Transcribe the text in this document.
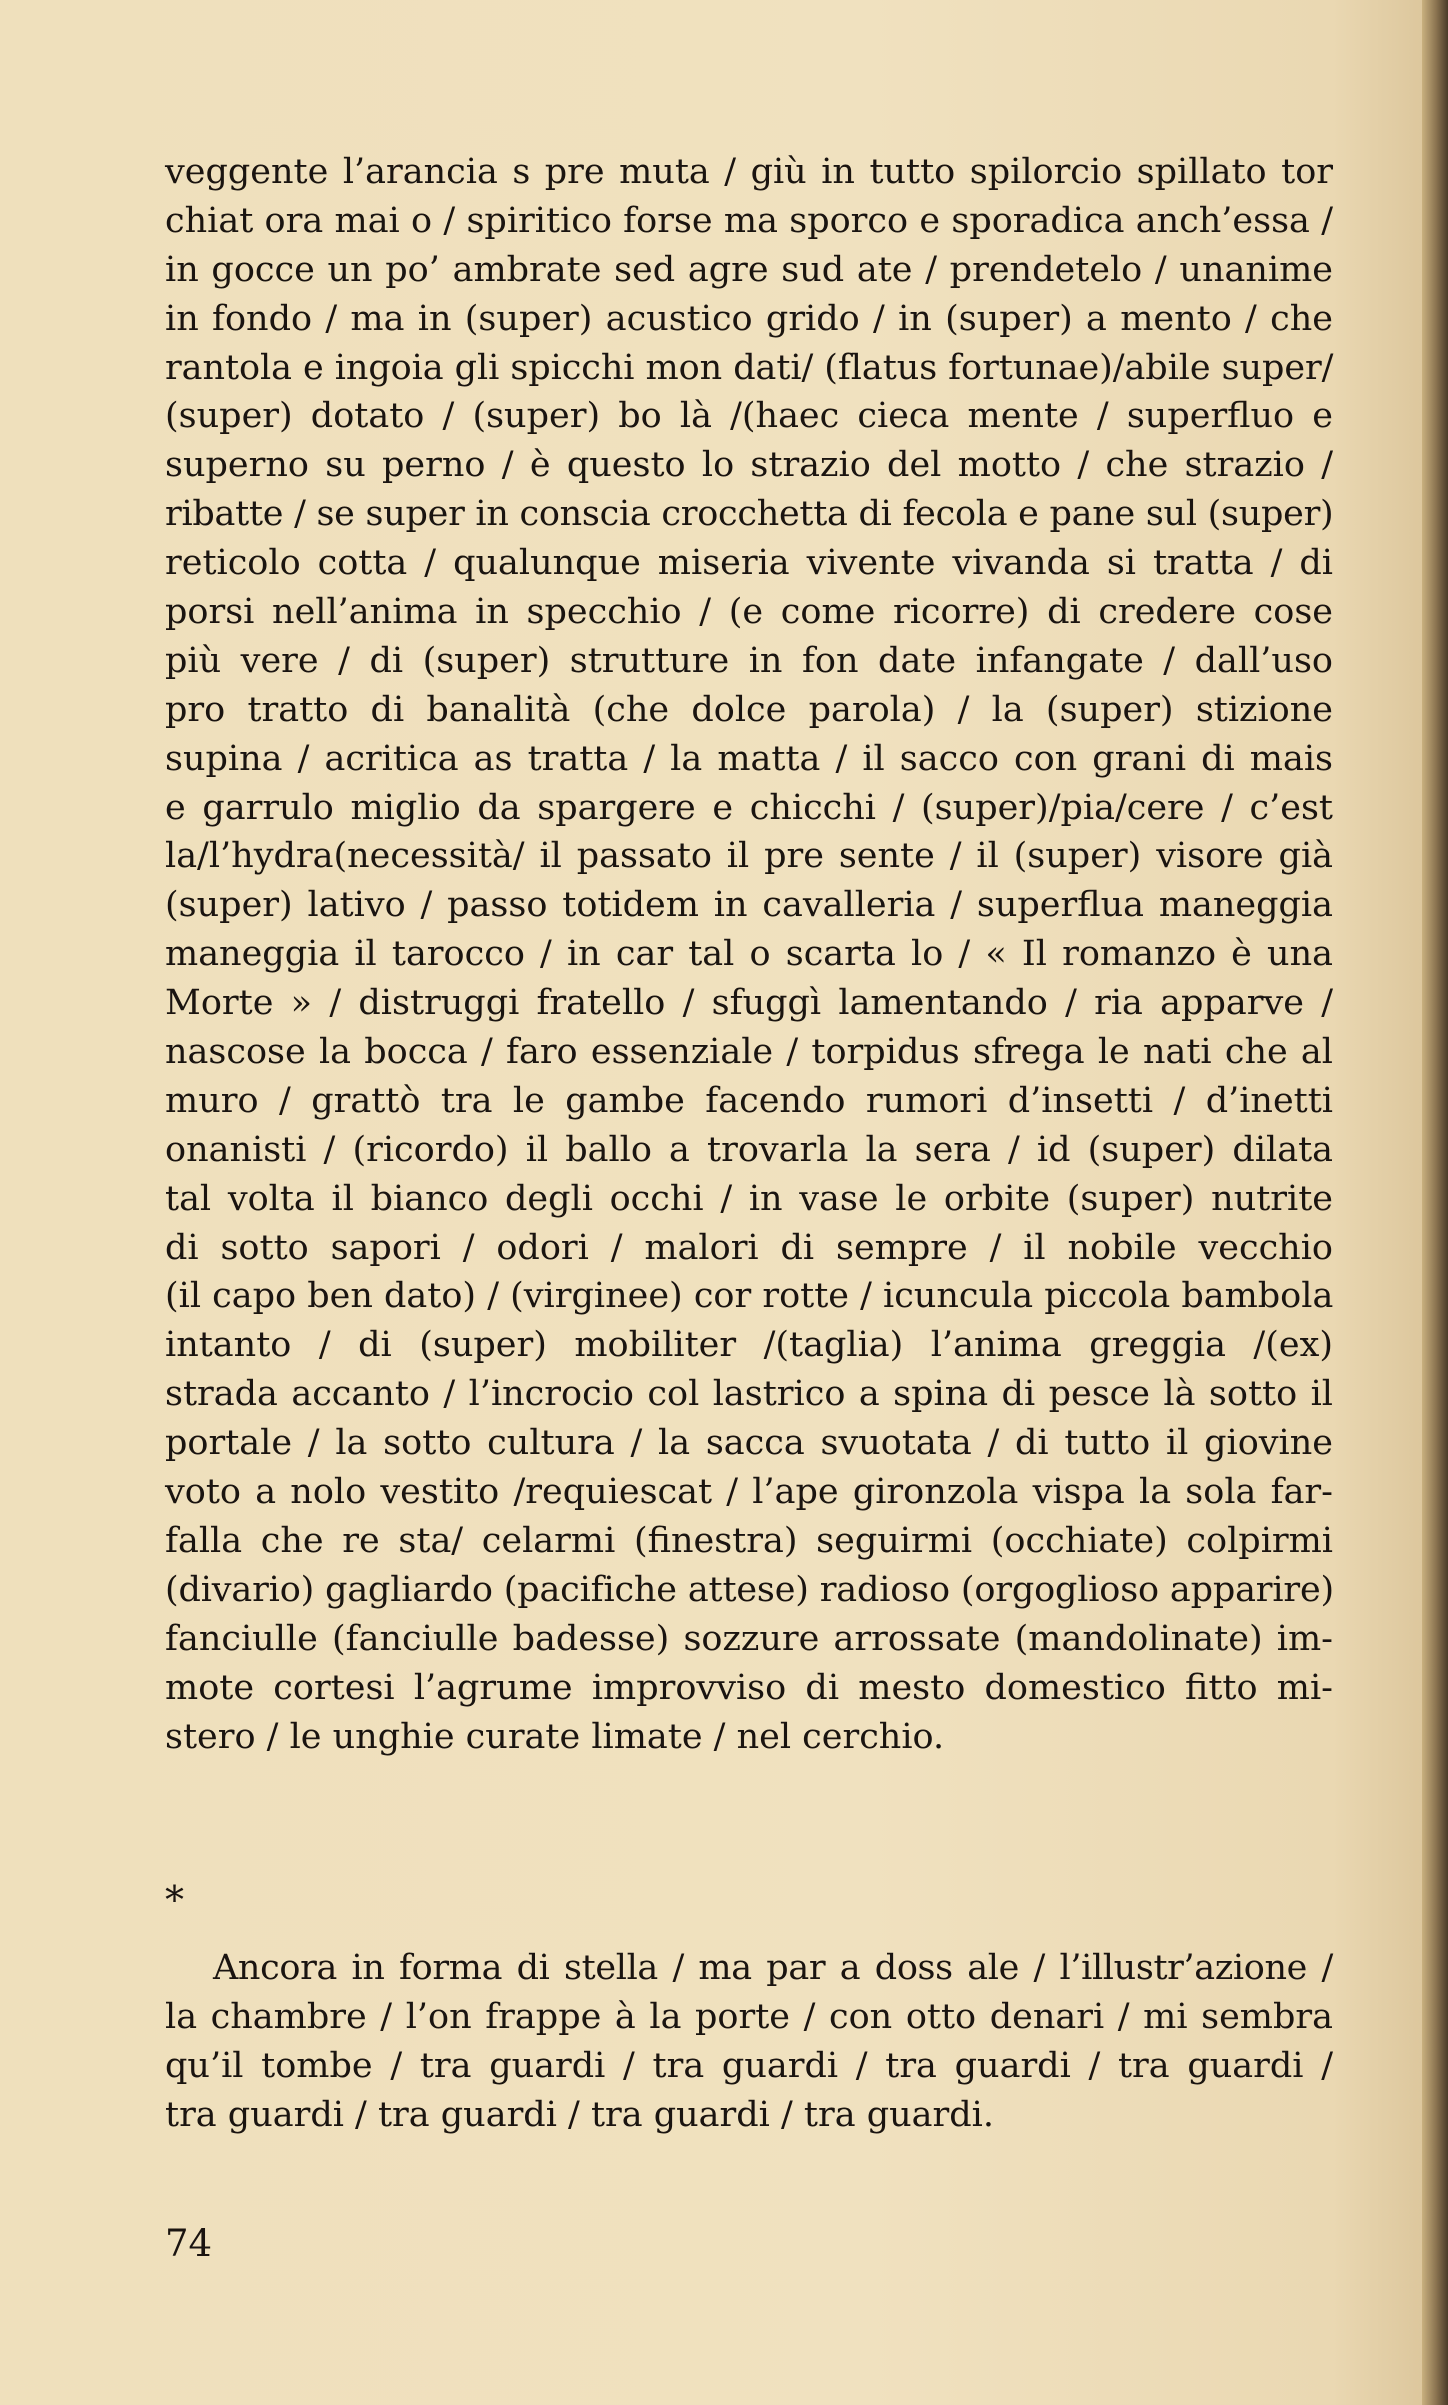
veggente l’arancia s pre muta / giù in tutto spilorcio spillato tor
chiat ora mai o / spiritico forse ma sporco e sporadica anch’essa /
in gocce un po’ ambrate sed agre sud ate / prendetelo / unanime
in fondo / ma in (super) acustico grido / in (super) a mento / che
rantola e ingoia gli spicchi mon dati/ (flatus fortunae)/abile super/
(super) dotato / (super) bo là /(haec cieca mente / superfluo e
superno su perno / è questo lo strazio del motto / che strazio /
ribatte / se super in conscia crocchetta di fecola e pane sul (super)
reticolo cotta / qualunque miseria vivente vivanda si tratta / di
porsi nell’anima in specchio / (e come ricorre) di credere cose
più vere / di (super) strutture in fon date infangate / dall’uso
pro tratto di banalità (che dolce parola) / la (super) stizione
supina / acritica as tratta / la matta / il sacco con grani di mais
e garrulo miglio da spargere e chicchi / (super)/pia/cere / c’est
la/l’hydra(necessità/ il passato il pre sente / il (super) visore già
(super) lativo / passo totidem in cavalleria / superflua maneggia
maneggia il tarocco / in car tal o scarta lo / « Il romanzo è una
Morte » / distruggi fratello / sfuggì lamentando / ria apparve /
nascose la bocca / faro essenziale / torpidus sfrega le nati che al
muro / grattò tra le gambe facendo rumori d’insetti / d’inetti
onanisti / (ricordo) il ballo a trovarla la sera / id (super) dilata
tal volta il bianco degli occhi / in vase le orbite (super) nutrite
di sotto sapori / odori / malori di sempre / il nobile vecchio
(il capo ben dato) / (virginee) cor rotte / icuncula piccola bambola
intanto / di (super) mobiliter /(taglia) l’anima greggia /(ex)
strada accanto / l’incrocio col lastrico a spina di pesce là sotto il
portale / la sotto cultura / la sacca svuotata / di tutto il giovine
voto a nolo vestito /requiescat / l’ape gironzola vispa la sola far-
falla che re sta/ celarmi (finestra) seguirmi (occhiate) colpirmi
(divario) gagliardo (pacifiche attese) radioso (orgoglioso apparire)
fanciulle (fanciulle badesse) sozzure arrossate (mandolinate) im-
mote cortesi l’agrume improvviso di mesto domestico fitto mi-
stero / le unghie curate limate / nel cerchio.
*
Ancora in forma di stella / ma par a doss ale / l’illustr’azione /
la chambre / l’on frappe à la porte / con otto denari / mi sembra
qu’il tombe / tra guardi / tra guardi / tra guardi / tra guardi /
tra guardi / tra guardi / tra guardi / tra guardi.
74
